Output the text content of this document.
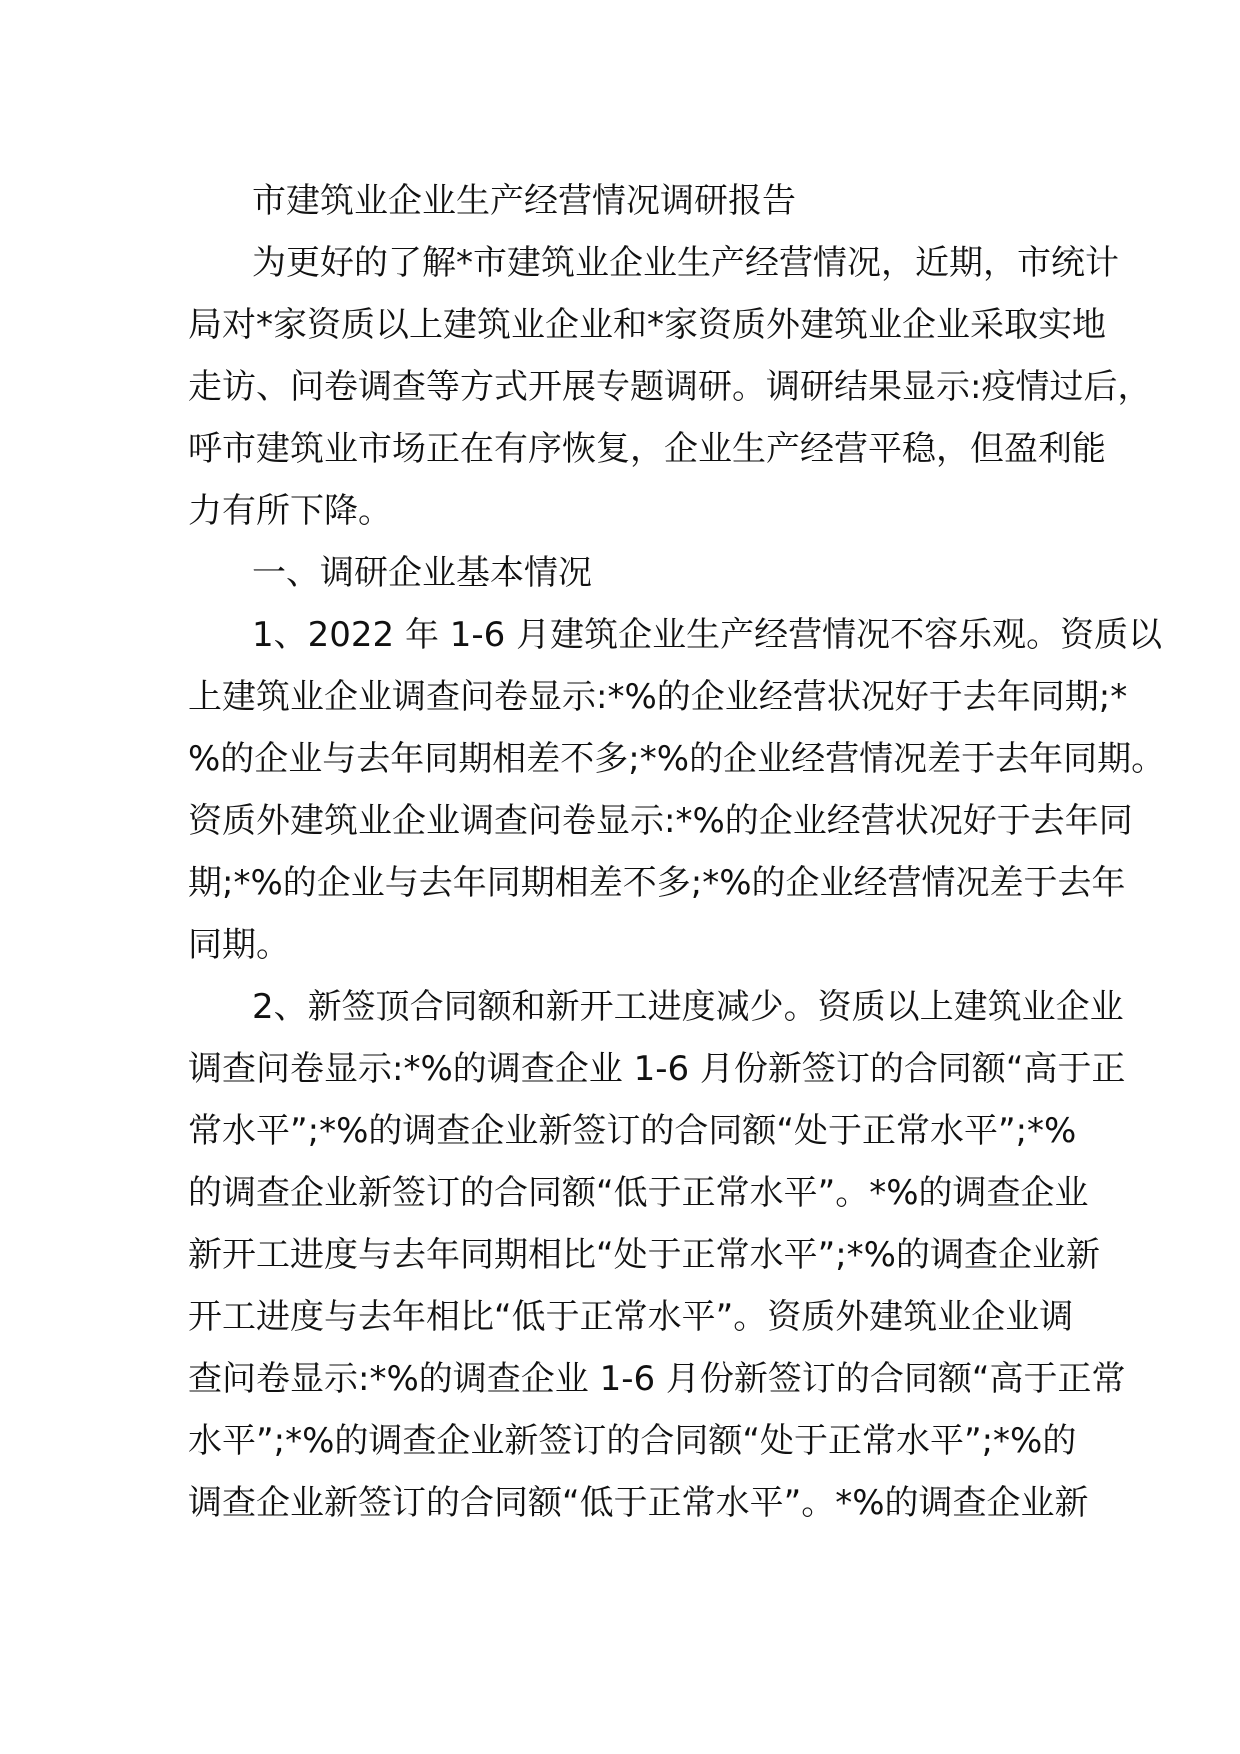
市建筑业企业生产经营情况调研报告
为更好的了解*市建筑业企业生产经营情况，近期，市统计
局对*家资质以上建筑业企业和*家资质外建筑业企业采取实地
走访、问卷调查等方式开展专题调研。调研结果显示:疫情过后，
呼市建筑业市场正在有序恢复，企业生产经营平稳，但盈利能
力有所下降。
一、调研企业基本情况
1、2022 年 1-6 月建筑企业生产经营情况不容乐观。资质以
上建筑业企业调查问卷显示:*%的企业经营状况好于去年同期;*
%的企业与去年同期相差不多;*%的企业经营情况差于去年同期。
资质外建筑业企业调查问卷显示:*%的企业经营状况好于去年同
期;*%的企业与去年同期相差不多;*%的企业经营情况差于去年
同期。
2、新签顶合同额和新开工进度减少。资质以上建筑业企业
调查问卷显示:*%的调查企业 1-6 月份新签订的合同额“高于正
常水平”;*%的调查企业新签订的合同额“处于正常水平”;*%
的调查企业新签订的合同额“低于正常水平”。*%的调查企业
新开工进度与去年同期相比“处于正常水平”;*%的调查企业新
开工进度与去年相比“低于正常水平”。资质外建筑业企业调
查问卷显示:*%的调查企业 1-6 月份新签订的合同额“高于正常
水平”;*%的调查企业新签订的合同额“处于正常水平”;*%的
调查企业新签订的合同额“低于正常水平”。*%的调查企业新
